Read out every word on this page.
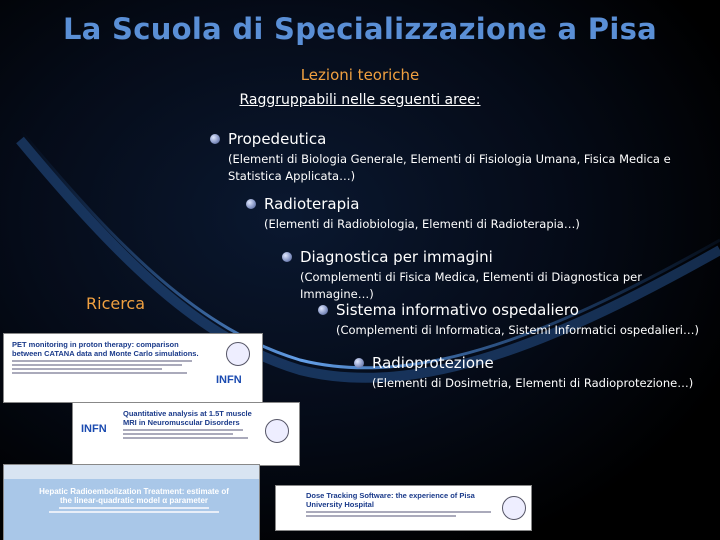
La Scuola di Specializzazione a Pisa
Lezioni teoriche
Raggruppabili nelle seguenti aree:
Propedeutica
(Elementi di Biologia Generale, Elementi di Fisiologia Umana, Fisica Medica e Statistica Applicata…)
Radioterapia
(Elementi di Radiobiologia, Elementi di Radioterapia…)
Diagnostica per immagini
(Complementi di Fisica Medica, Elementi di Diagnostica per Immagine…)
Ricerca	Sistema informativo ospedaliero
(Complementi di Informatica, Sistemi Informatici ospedalieri…)
Radioprotezione
(Elementi di Dosimetria, Elementi di Radioprotezione…)
PET monitoring in proton therapy: comparison between CATANA data and Monte Carlo simulations.
INFN
INFN
Quantitative analysis at 1.5T muscle MRI in Neuromuscular Disorders
Hepatic Radioembolization Treatment: estimate of the linear-quadratic model α parameter
Dose Tracking Software: the experience of Pisa University Hospital
